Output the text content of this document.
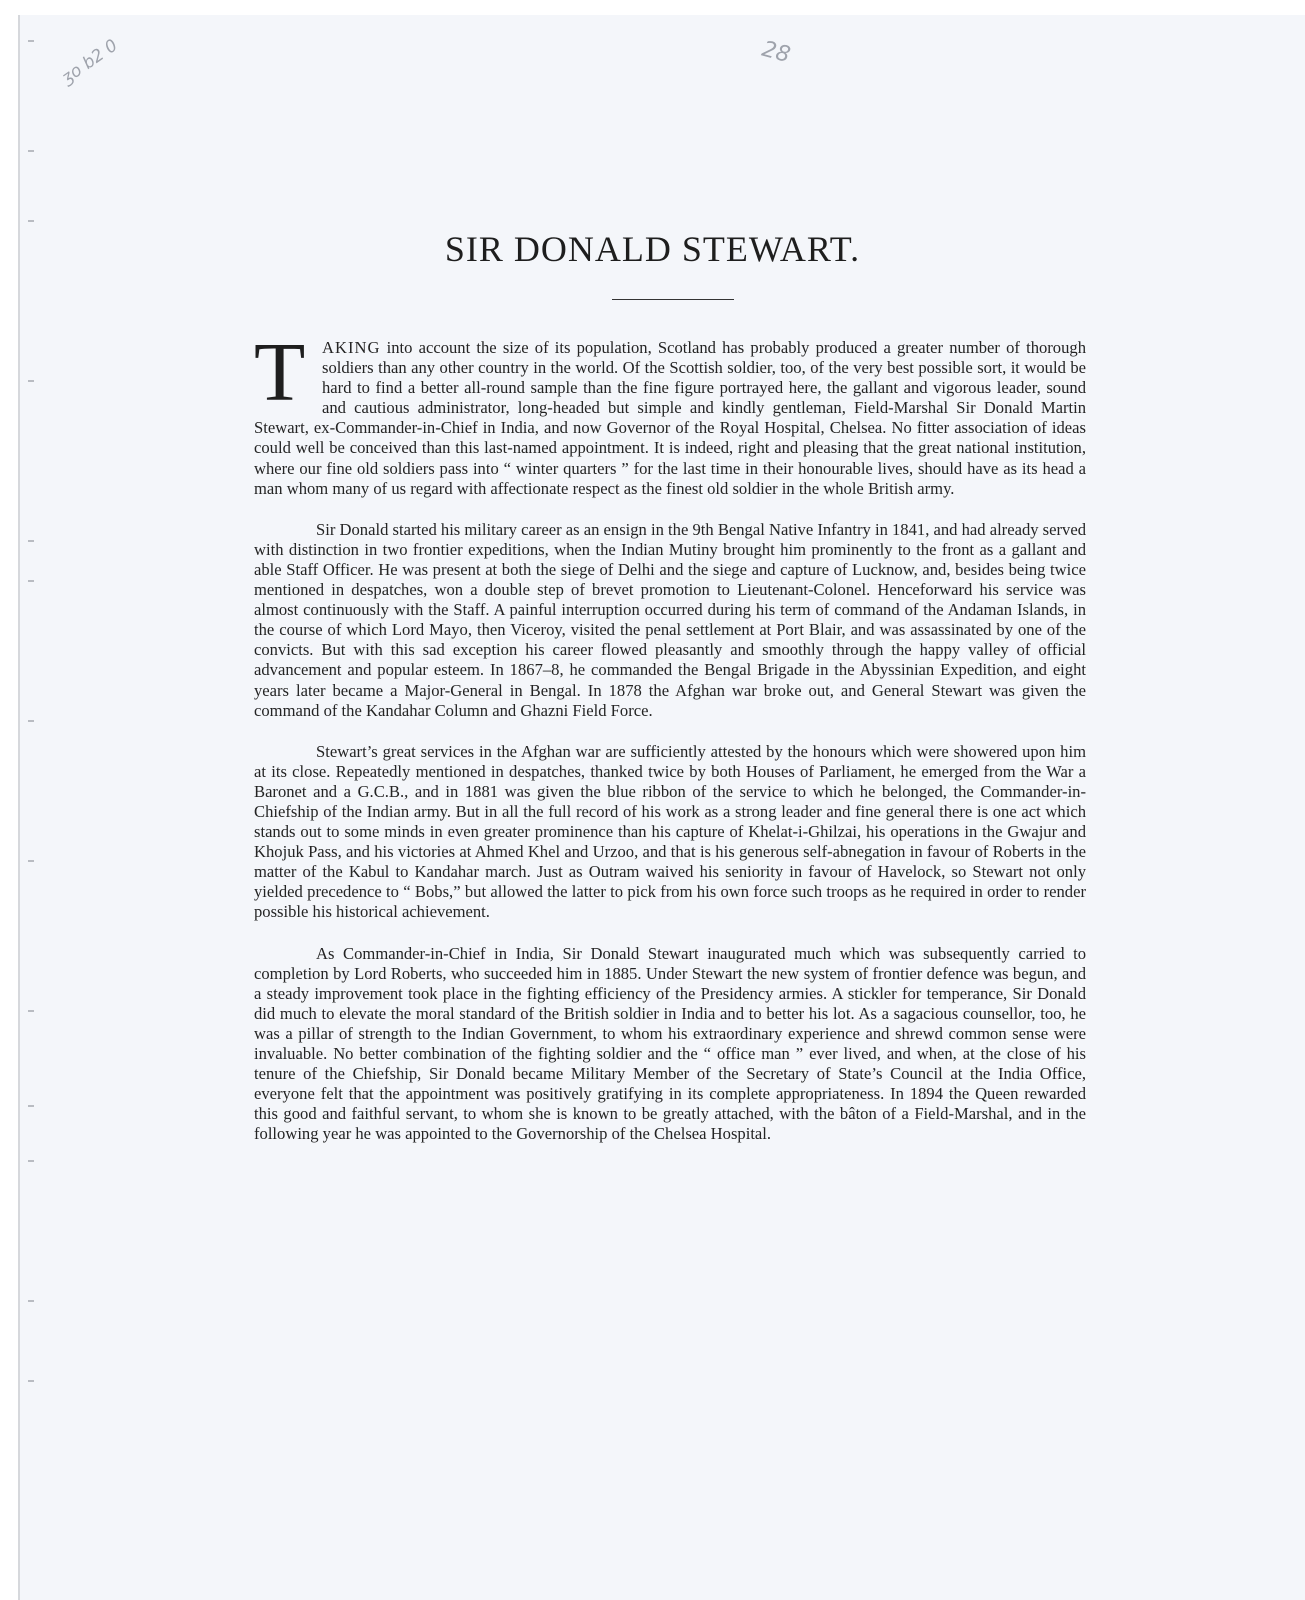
ʒo b2 0	28
SIR DONALD STEWART.

T	AKING into account the size of its population, Scotland has probably produced a greater number of thorough soldiers than any other country in the world. Of the Scottish soldier, too, of the very best possible sort, it would be hard to find a better all-round sample than the fine figure portrayed here, the gallant and vigorous leader, sound and cautious administrator, long-headed but simple and kindly gentleman, Field-Marshal Sir Donald Martin Stewart, ex-Commander-in-Chief in India, and now Governor of the Royal Hospital, Chelsea. No fitter association of ideas could well be conceived than this last-named appointment. It is indeed, right and pleasing that the great national institution, where our fine old soldiers pass into “ winter quarters ” for the last time in their honourable lives, should have as its head a man whom many of us regard with affectionate respect as the finest old soldier in the whole British army.

Sir Donald started his military career as an ensign in the 9th Bengal Native Infantry in 1841, and had already served with distinction in two frontier expeditions, when the Indian Mutiny brought him prominently to the front as a gallant and able Staff Officer. He was present at both the siege of Delhi and the siege and capture of Lucknow, and, besides being twice mentioned in despatches, won a double step of brevet promotion to Lieutenant-Colonel. Henceforward his service was almost continuously with the Staff. A painful interruption occurred during his term of command of the Andaman Islands, in the course of which Lord Mayo, then Viceroy, visited the penal settlement at Port Blair, and was assassinated by one of the convicts. But with this sad exception his career flowed pleasantly and smoothly through the happy valley of official advancement and popular esteem. In 1867–8, he commanded the Bengal Brigade in the Abyssinian Expedition, and eight years later became a Major-General in Bengal. In 1878 the Afghan war broke out, and General Stewart was given the command of the Kandahar Column and Ghazni Field Force.

Stewart’s great services in the Afghan war are sufficiently attested by the honours which were showered upon him at its close. Repeatedly mentioned in despatches, thanked twice by both Houses of Parliament, he emerged from the War a Baronet and a G.C.B., and in 1881 was given the blue ribbon of the service to which he belonged, the Commander-in-Chiefship of the Indian army. But in all the full record of his work as a strong leader and fine general there is one act which stands out to some minds in even greater prominence than his capture of Khelat-i-Ghilzai, his operations in the Gwajur and Khojuk Pass, and his victories at Ahmed Khel and Urzoo, and that is his generous self-abnegation in favour of Roberts in the matter of the Kabul to Kandahar march. Just as Outram waived his seniority in favour of Havelock, so Stewart not only yielded precedence to “ Bobs,” but allowed the latter to pick from his own force such troops as he required in order to render possible his historical achievement.

As Commander-in-Chief in India, Sir Donald Stewart inaugurated much which was subsequently carried to completion by Lord Roberts, who succeeded him in 1885. Under Stewart the new system of frontier defence was begun, and a steady improvement took place in the fighting efficiency of the Presidency armies. A stickler for temperance, Sir Donald did much to elevate the moral standard of the British soldier in India and to better his lot. As a sagacious counsellor, too, he was a pillar of strength to the Indian Government, to whom his extraordinary experience and shrewd common sense were invaluable. No better combination of the fighting soldier and the “ office man ” ever lived, and when, at the close of his tenure of the Chiefship, Sir Donald became Military Member of the Secretary of State’s Council at the India Office, everyone felt that the appointment was positively gratifying in its complete appropriateness. In 1894 the Queen rewarded this good and faithful servant, to whom she is known to be greatly attached, with the bâton of a Field-Marshal, and in the following year he was appointed to the Governorship of the Chelsea Hospital.
